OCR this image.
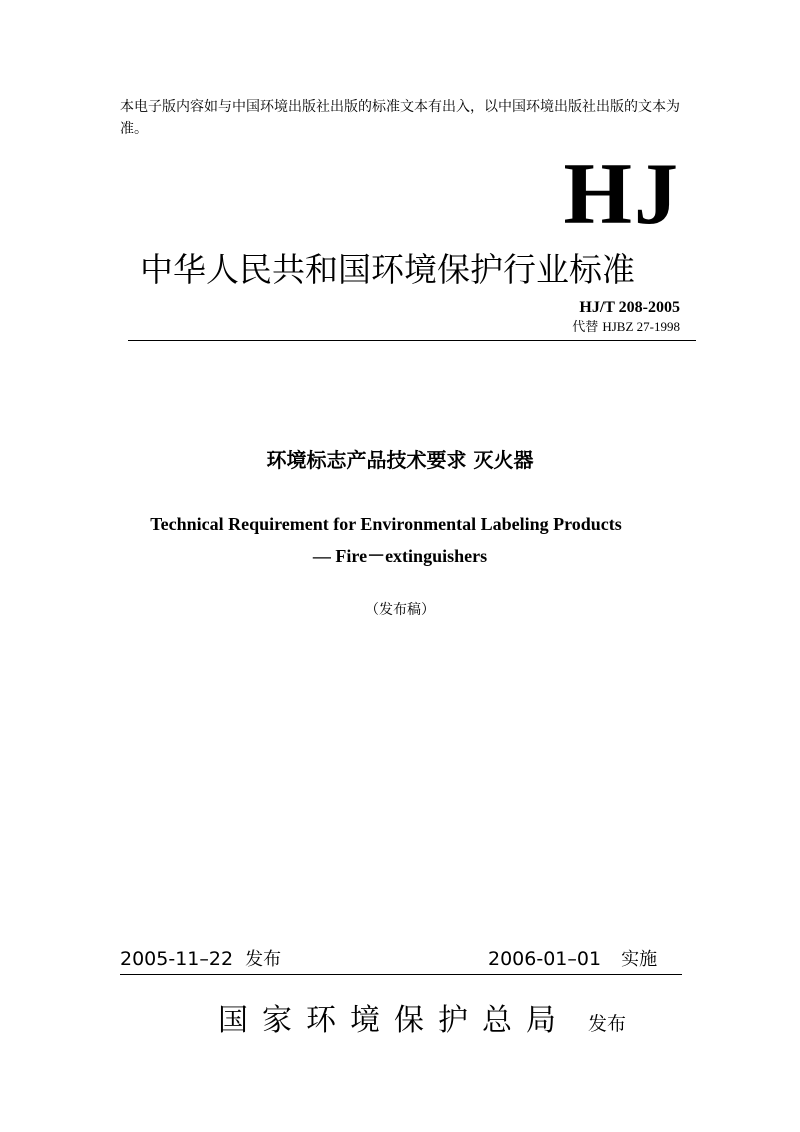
本电子版内容如与中国环境出版社出版的标准文本有出入，以中国环境出版社出版的文本为准。
HJ
中华人民共和国环境保护行业标准
HJ/T 208-2005
代替 HJBZ 27-1998
环境标志产品技术要求 灭火器
Technical Requirement for Environmental Labeling Products
— Fire－extinguishers
（发布稿）
2005-11–22 发布	2006-01–01 实施
国家环境保护总局 发布
